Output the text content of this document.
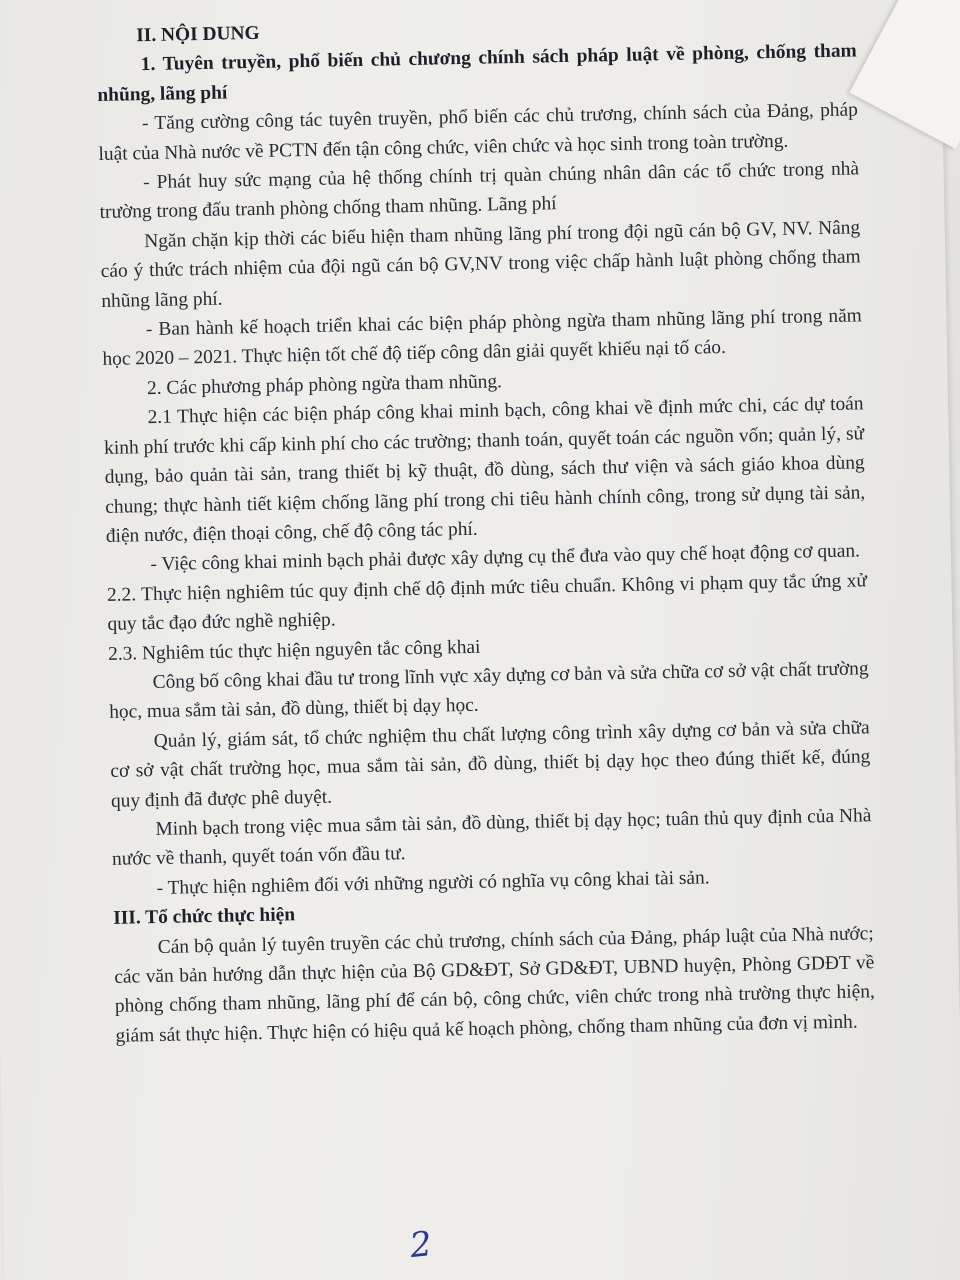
II. NỘI DUNG

1. Tuyên truyền, phổ biến chủ chương chính sách pháp luật về phòng, chống tham nhũng, lãng phí

- Tăng cường công tác tuyên truyền, phổ biến các chủ trương, chính sách của Đảng, pháp luật của Nhà nước về PCTN đến tận công chức, viên chức và học sinh trong toàn trường.

- Phát huy sức mạng của hệ thống chính trị quàn chúng nhân dân các tổ chức trong nhà trường trong đấu tranh phòng chống tham nhũng. Lãng phí

Ngăn chặn kịp thời các biểu hiện tham nhũng lãng phí trong đội ngũ cán bộ GV, NV. Nâng cáo ý thức trách nhiệm của đội ngũ cán bộ GV,NV trong việc chấp hành luật phòng chống tham nhũng lãng phí.

- Ban hành kế hoạch triển khai các biện pháp phòng ngừa tham nhũng lãng phí trong năm học 2020 – 2021. Thực hiện tốt chế độ tiếp công dân giải quyết khiếu nại tố cáo.

2. Các phương pháp phòng ngừa tham nhũng.

2.1 Thực hiện các biện pháp công khai minh bạch, công khai về định mức chi, các dự toán kinh phí trước khi cấp kinh phí cho các trường; thanh toán, quyết toán các nguồn vốn; quản lý, sử dụng, bảo quản tài sản, trang thiết bị kỹ thuật, đồ dùng, sách thư viện và sách giáo khoa dùng chung; thực hành tiết kiệm chống lãng phí trong chi tiêu hành chính công, trong sử dụng tài sản, điện nước, điện thoại công, chế độ công tác phí.

- Việc công khai minh bạch phải được xây dựng cụ thể đưa vào quy chế hoạt động cơ quan.

2.2. Thực hiện nghiêm túc quy định chế dộ định mức tiêu chuẩn. Không vi phạm quy tắc ứng xử quy tắc đạo đức nghề nghiệp.

2.3. Nghiêm túc thực hiện nguyên tắc công khai

Công bố công khai đầu tư trong lĩnh vực xây dựng cơ bản và sửa chữa cơ sở vật chất trường học, mua sắm tài sản, đồ dùng, thiết bị dạy học.

Quản lý, giám sát, tổ chức nghiệm thu chất lượng công trình xây dựng cơ bản và sửa chữa cơ sở vật chất trường học, mua sắm tài sản, đồ dùng, thiết bị dạy học theo đúng thiết kế, đúng quy định đã được phê duyệt.

Minh bạch trong việc mua sắm tài sản, đồ dùng, thiết bị dạy học; tuân thủ quy định của Nhà nước về thanh, quyết toán vốn đầu tư.

- Thực hiện nghiêm đối với những người có nghĩa vụ công khai tài sản.

III. Tổ chức thực hiện

Cán bộ quản lý tuyên truyền các chủ trương, chính sách của Đảng, pháp luật của Nhà nước; các văn bản hướng dẫn thực hiện của Bộ GD&ĐT, Sở GD&ĐT, UBND huyện, Phòng GDĐT về phòng chống tham nhũng, lãng phí để cán bộ, công chức, viên chức trong nhà trường thực hiện, giám sát thực hiện. Thực hiện có hiệu quả kế hoạch phòng, chống tham nhũng của đơn vị mình.

2
